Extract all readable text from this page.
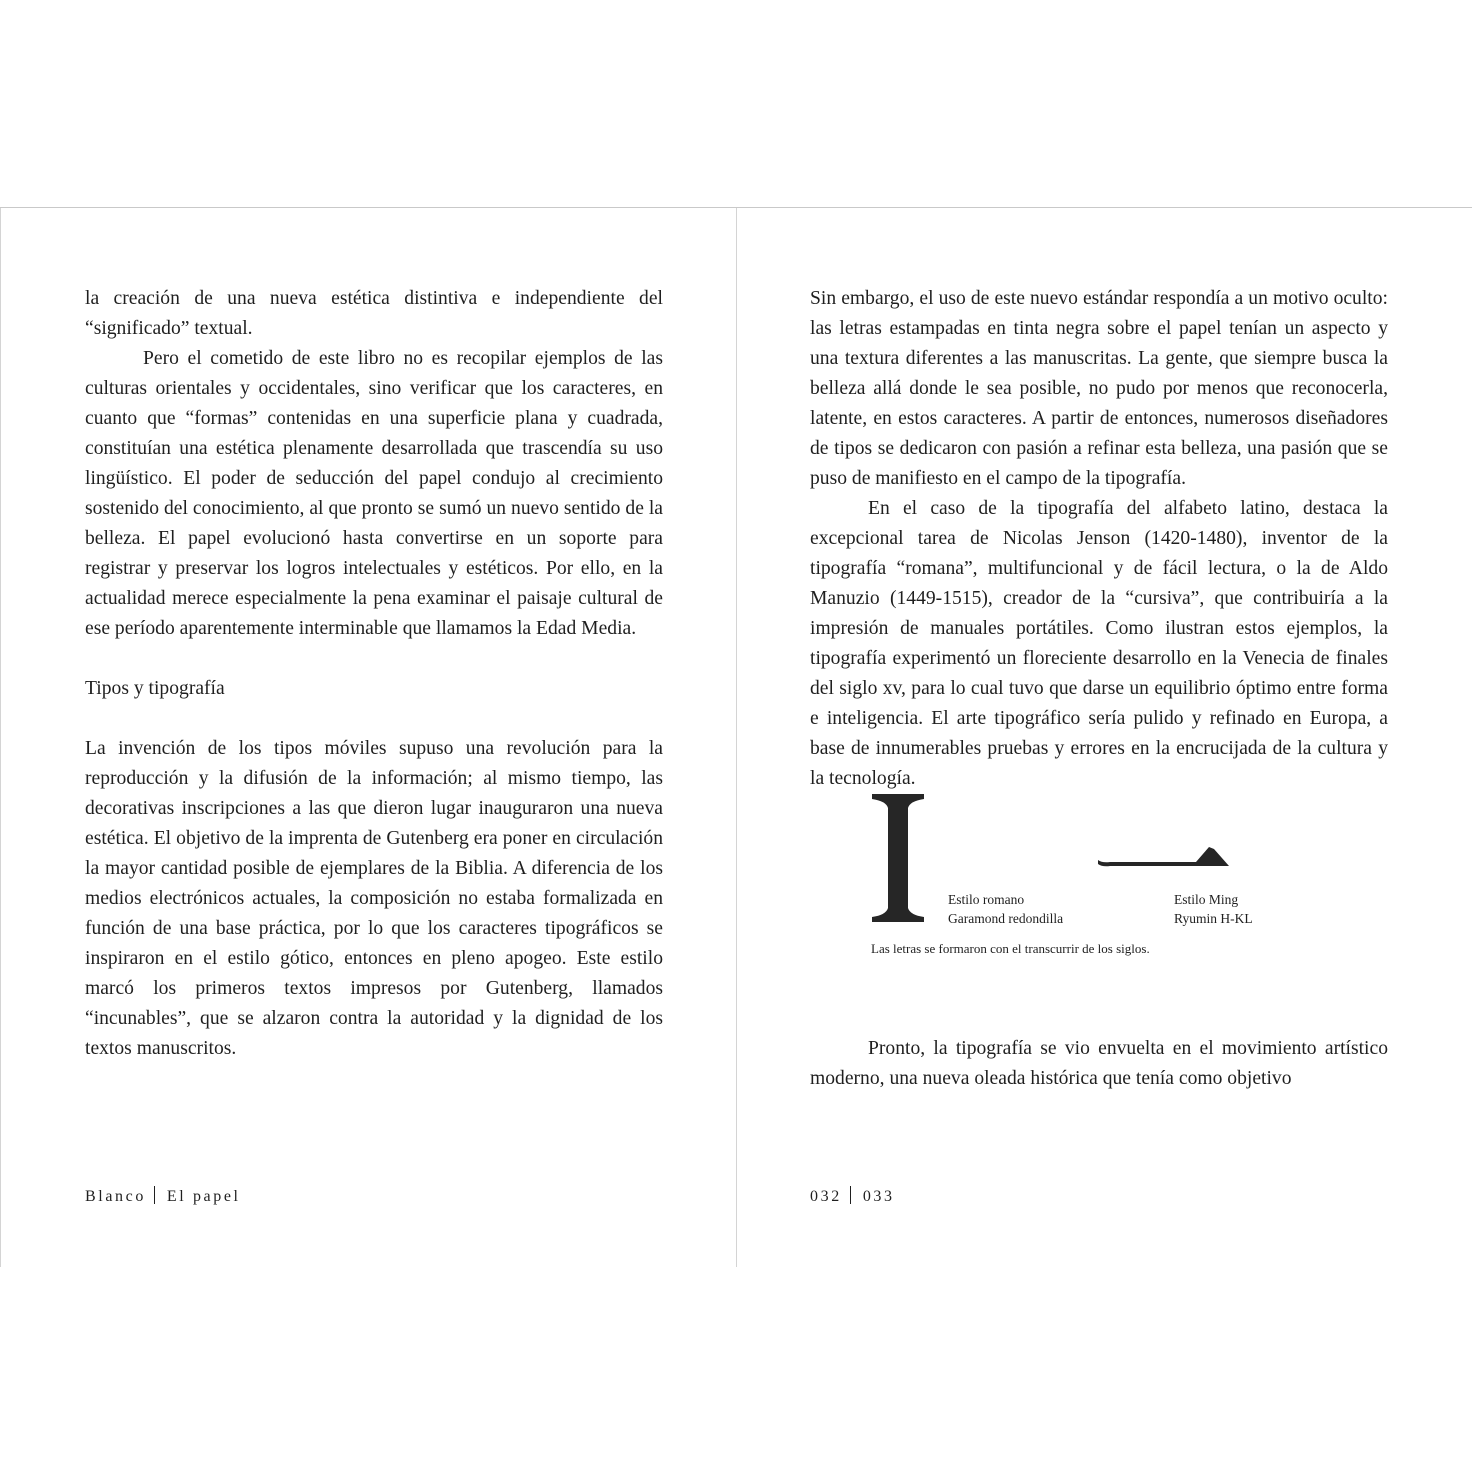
la creación de una nueva estética distintiva e independiente del “significado” textual.

Pero el cometido de este libro no es recopilar ejemplos de las culturas orientales y occidentales, sino verificar que los caracteres, en cuanto que “formas” contenidas en una superficie plana y cuadrada, constituían una estética plenamente desarrollada que trascendía su uso lingüístico. El poder de seducción del papel condujo al crecimiento sostenido del conocimiento, al que pronto se sumó un nuevo sentido de la belleza. El papel evolucionó hasta convertirse en un soporte para registrar y preservar los logros intelectuales y estéticos. Por ello, en la actualidad merece especialmente la pena examinar el paisaje cultural de ese período aparentemente interminable que llamamos la Edad Media.

Tipos y tipografía

La invención de los tipos móviles supuso una revolución para la reproducción y la difusión de la información; al mismo tiempo, las decorativas inscripciones a las que dieron lugar inauguraron una nueva estética. El objetivo de la imprenta de Gutenberg era poner en circulación la mayor cantidad posible de ejemplares de la Biblia. A diferencia de los medios electrónicos actuales, la composición no estaba formalizada en función de una base práctica, por lo que los caracteres tipográficos se inspiraron en el estilo gótico, entonces en pleno apogeo. Este estilo marcó los primeros textos impresos por Gutenberg, llamados “incunables”, que se alzaron contra la autoridad y la dignidad de los textos manuscritos.

Blanco El papel

Sin embargo, el uso de este nuevo estándar respondía a un motivo oculto: las letras estampadas en tinta negra sobre el papel tenían un aspecto y una textura diferentes a las manuscritas. La gente, que siempre busca la belleza allá donde le sea posible, no pudo por menos que reconocerla, latente, en estos caracteres. A partir de entonces, numerosos diseñadores de tipos se dedicaron con pasión a refinar esta belleza, una pasión que se puso de manifiesto en el campo de la tipografía.

En el caso de la tipografía del alfabeto latino, destaca la excepcional tarea de Nicolas Jenson (1420-1480), inventor de la tipografía “romana”, multifuncional y de fácil lectura, o la de Aldo Manuzio (1449-1515), creador de la “cursiva”, que contribuiría a la impresión de manuales portátiles. Como ilustran estos ejemplos, la tipografía experimentó un floreciente desarrollo en la Venecia de finales del siglo xv, para lo cual tuvo que darse un equilibrio óptimo entre forma e inteligencia. El arte tipográfico sería pulido y refinado en Europa, a base de innumerables pruebas y errores en la encrucijada de la cultura y la tecnología.

Estilo romano
Garamond redondilla
Estilo Ming
Ryumin H-KL
Las letras se formaron con el transcurrir de los siglos.

Pronto, la tipografía se vio envuelta en el movimiento artístico moderno, una nueva oleada histórica que tenía como objetivo

032 033
